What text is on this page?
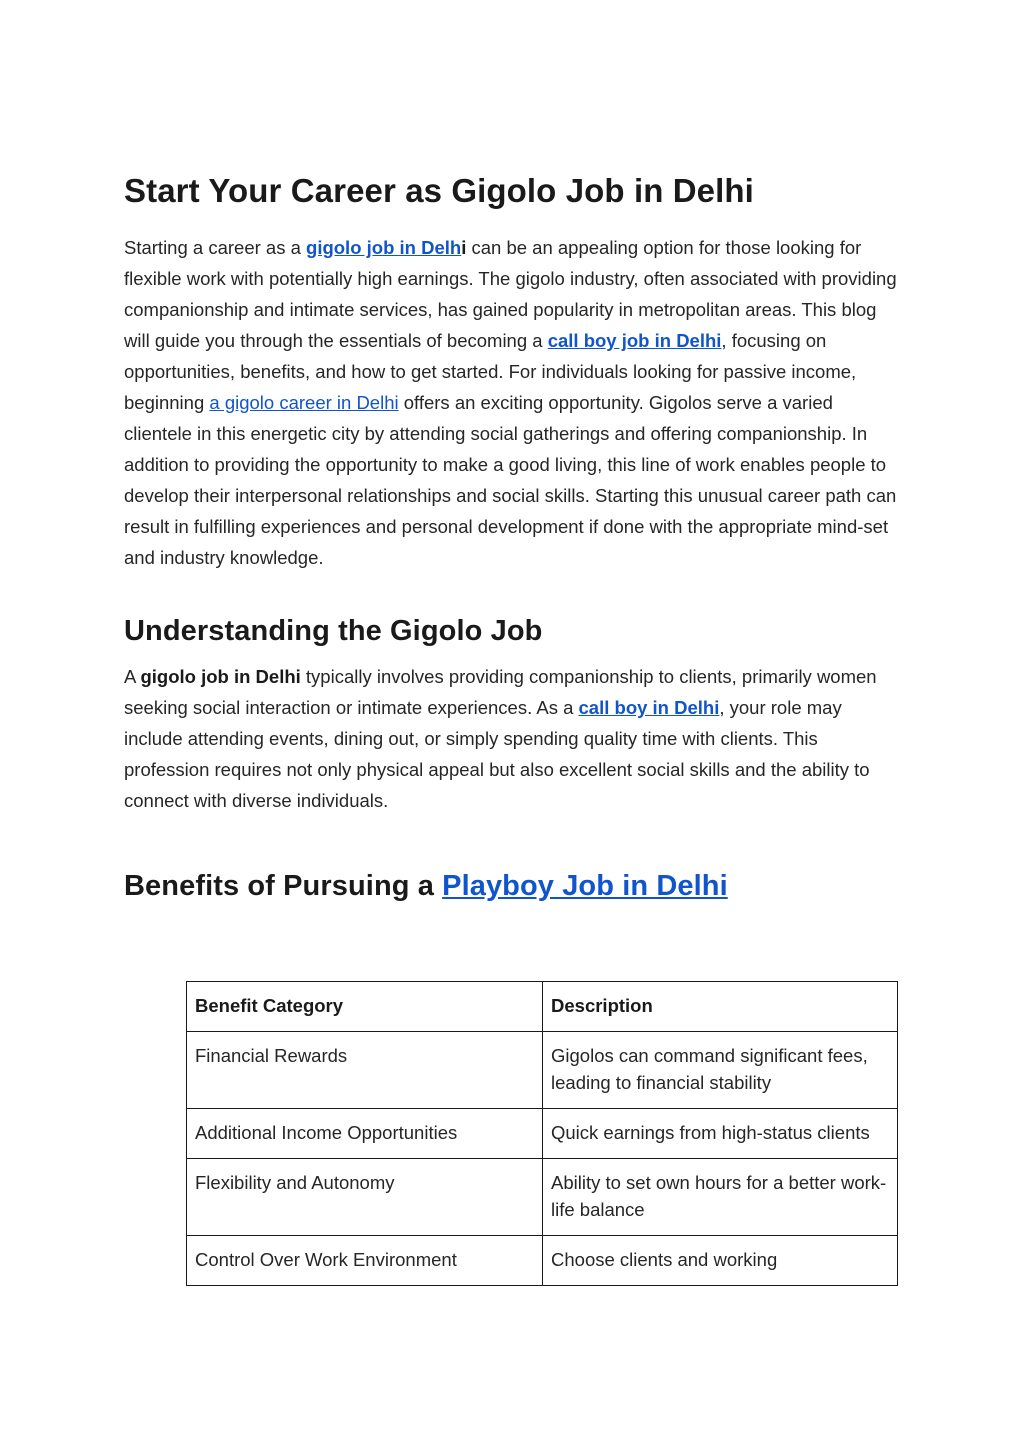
Start Your Career as Gigolo Job in Delhi

Starting a career as a gigolo job in Delhi can be an appealing option for those looking for flexible work with potentially high earnings. The gigolo industry, often associated with providing companionship and intimate services, has gained popularity in metropolitan areas. This blog will guide you through the essentials of becoming a call boy job in Delhi, focusing on opportunities, benefits, and how to get started. For individuals looking for passive income, beginning a gigolo career in Delhi offers an exciting opportunity. Gigolos serve a varied clientele in this energetic city by attending social gatherings and offering companionship. In addition to providing the opportunity to make a good living, this line of work enables people to develop their interpersonal relationships and social skills. Starting this unusual career path can result in fulfilling experiences and personal development if done with the appropriate mind-set and industry knowledge.

Understanding the Gigolo Job

A gigolo job in Delhi typically involves providing companionship to clients, primarily women seeking social interaction or intimate experiences. As a call boy in Delhi, your role may include attending events, dining out, or simply spending quality time with clients. This profession requires not only physical appeal but also excellent social skills and the ability to connect with diverse individuals.

Benefits of Pursuing a Playboy Job in Delhi
Benefit Category	Description
Financial Rewards	Gigolos can command significant fees, leading to financial stability
Additional Income Opportunities	Quick earnings from high-status clients
Flexibility and Autonomy	Ability to set own hours for a better work-life balance
Control Over Work Environment	Choose clients and working
